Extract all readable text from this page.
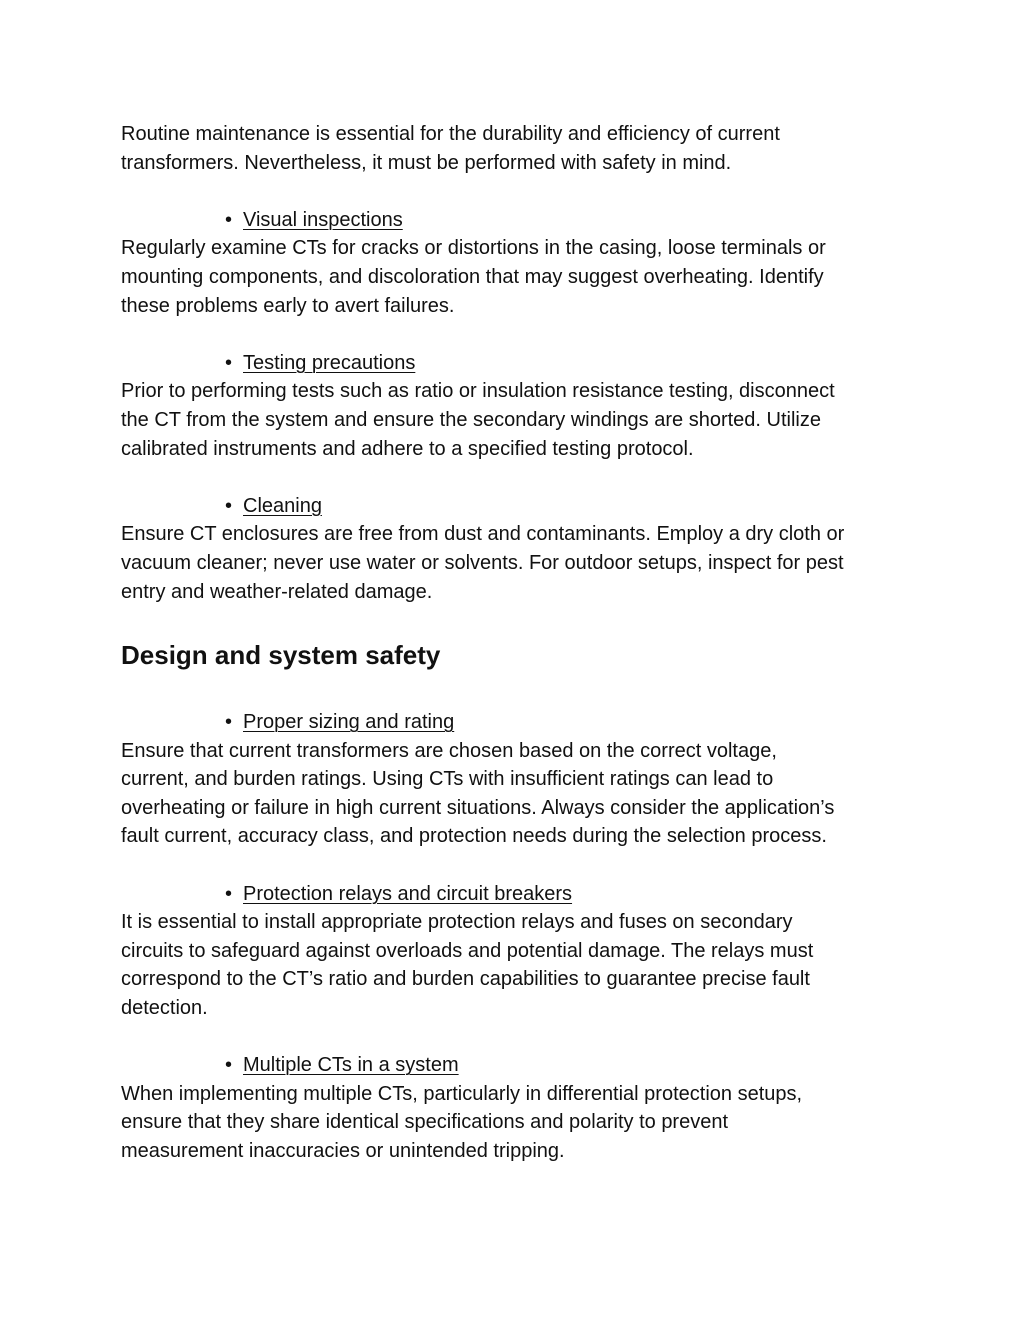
Routine maintenance is essential for the durability and efficiency of current
transformers. Nevertheless, it must be performed with safety in mind.

• Visual inspections

Regularly examine CTs for cracks or distortions in the casing, loose terminals or
mounting components, and discoloration that may suggest overheating. Identify
these problems early to avert failures.

• Testing precautions

Prior to performing tests such as ratio or insulation resistance testing, disconnect
the CT from the system and ensure the secondary windings are shorted. Utilize
calibrated instruments and adhere to a specified testing protocol.

• Cleaning

Ensure CT enclosures are free from dust and contaminants. Employ a dry cloth or
vacuum cleaner; never use water or solvents. For outdoor setups, inspect for pest
entry and weather-related damage.

Design and system safety
• Proper sizing and rating

Ensure that current transformers are chosen based on the correct voltage,
current, and burden ratings. Using CTs with insufficient ratings can lead to
overheating or failure in high current situations. Always consider the application’s
fault current, accuracy class, and protection needs during the selection process.

• Protection relays and circuit breakers

It is essential to install appropriate protection relays and fuses on secondary
circuits to safeguard against overloads and potential damage. The relays must
correspond to the CT’s ratio and burden capabilities to guarantee precise fault
detection.

• Multiple CTs in a system

When implementing multiple CTs, particularly in differential protection setups,
ensure that they share identical specifications and polarity to prevent
measurement inaccuracies or unintended tripping.
